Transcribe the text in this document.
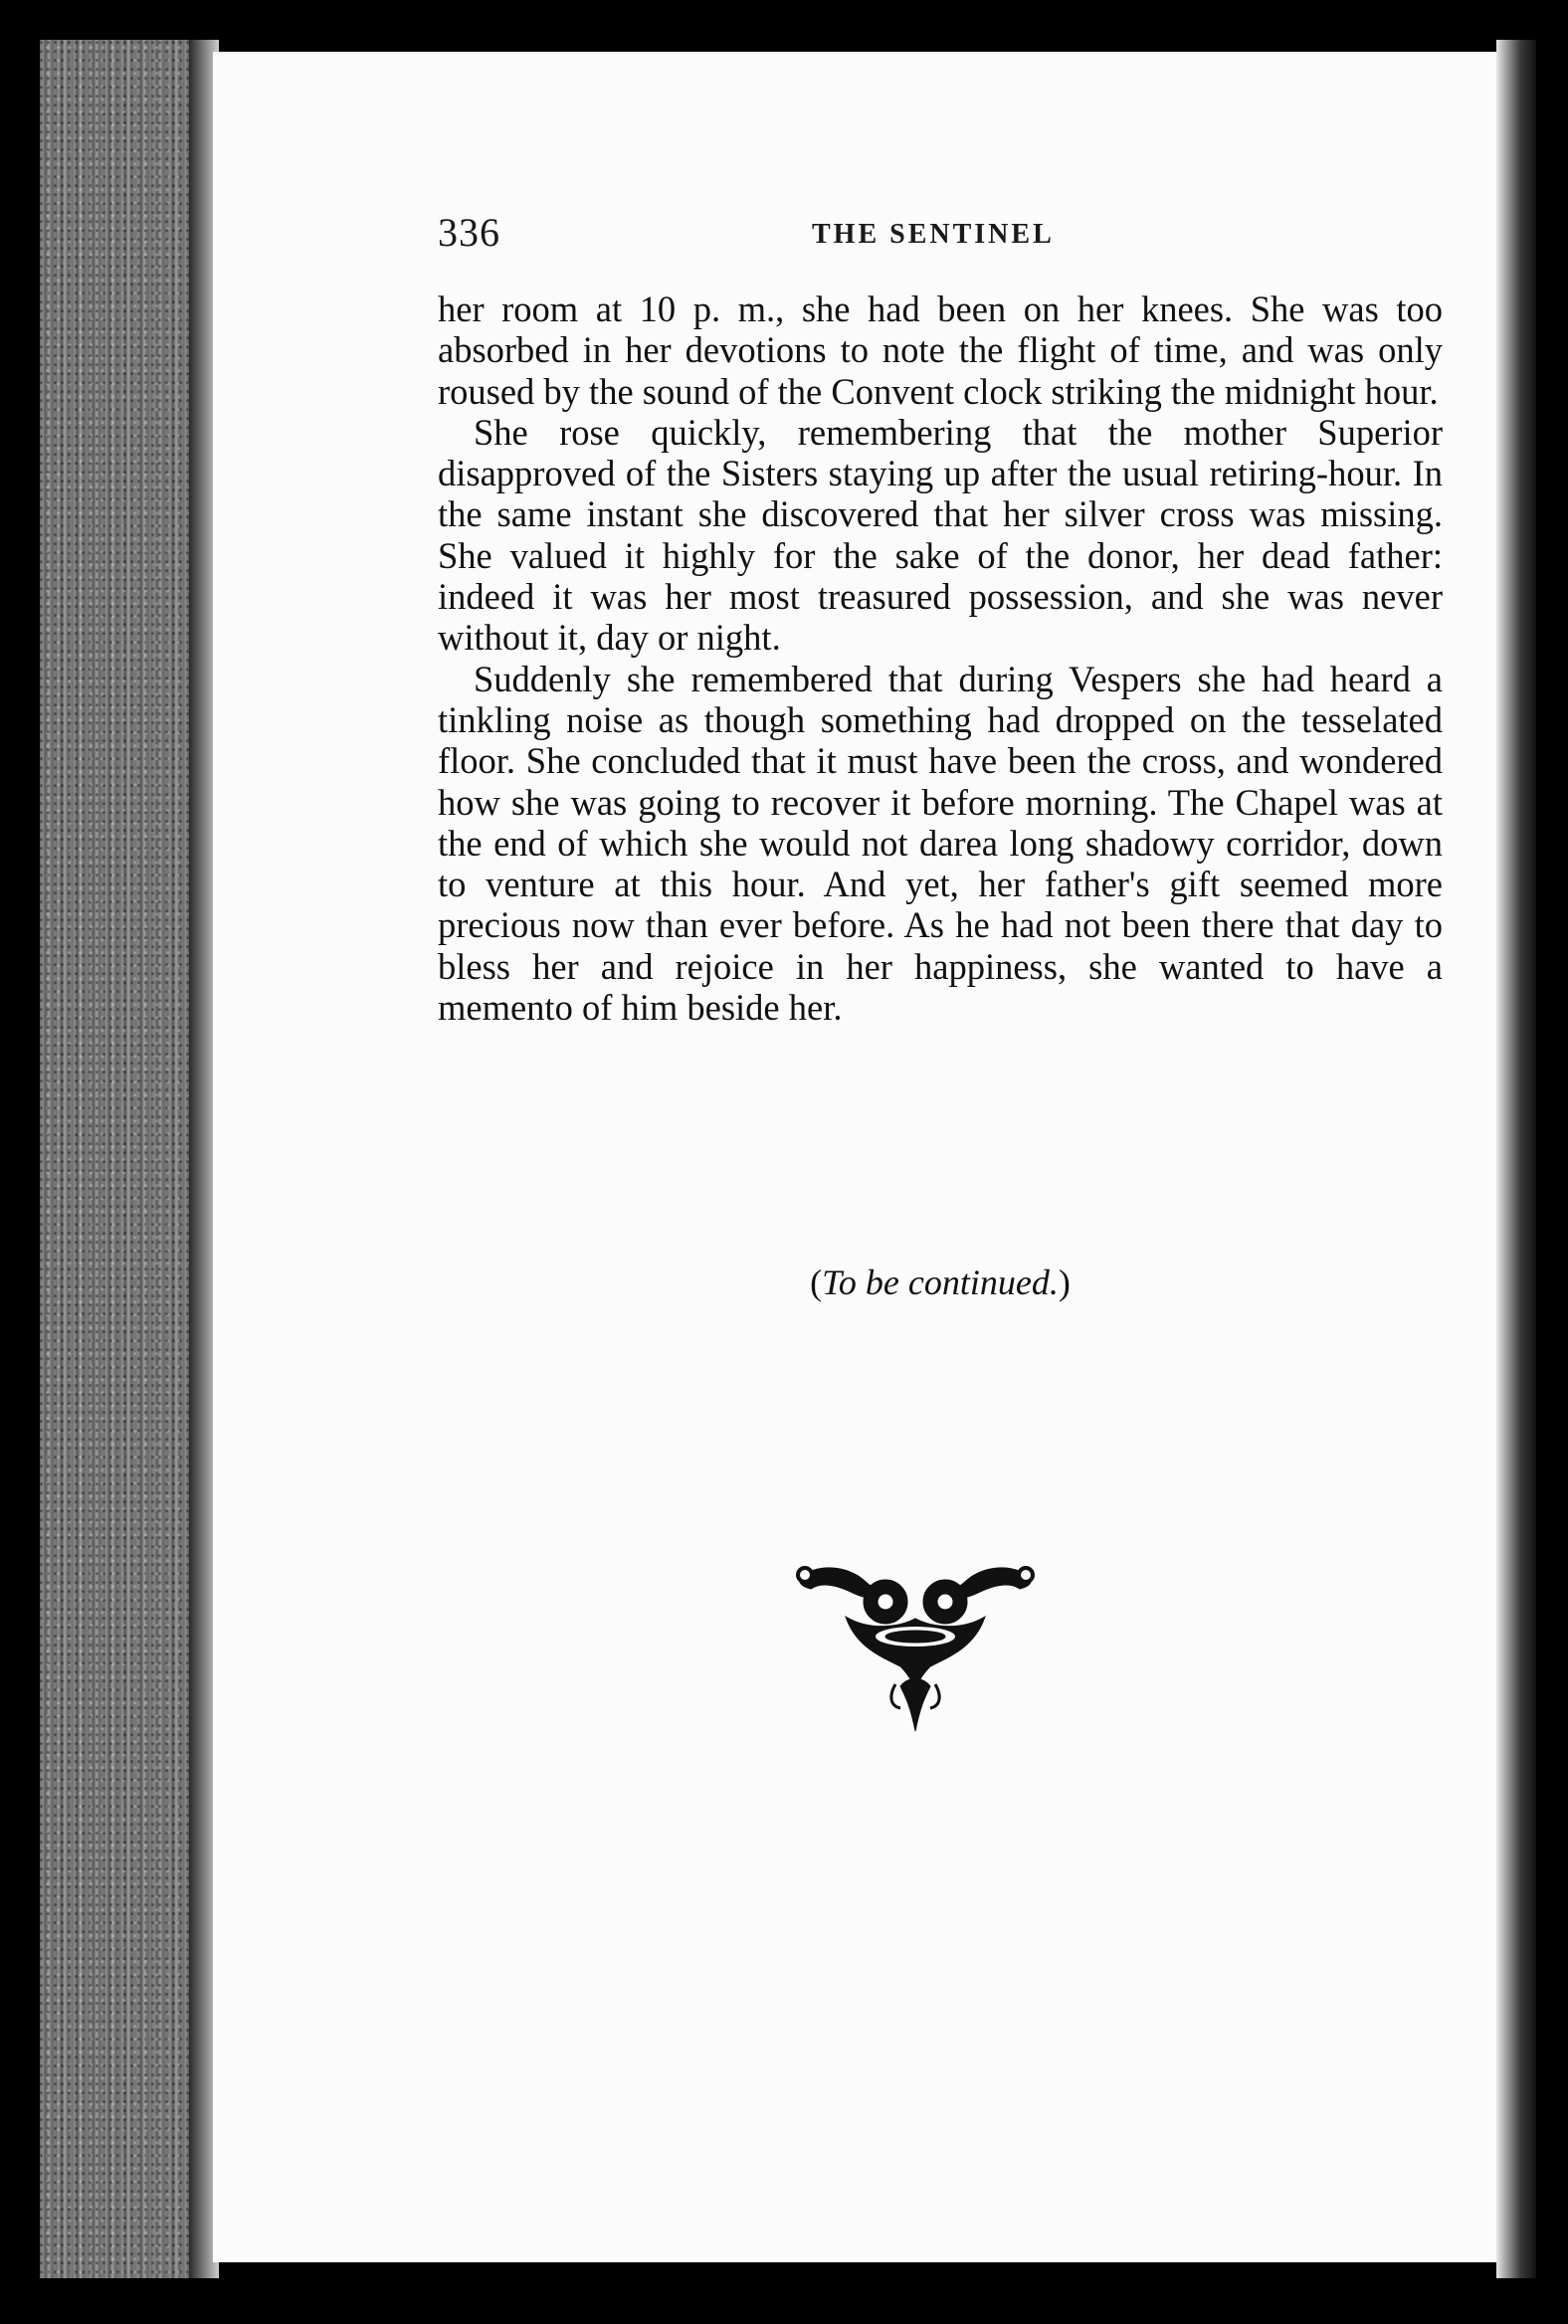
336	THE SENTINEL

her room at 10 p. m., she had been on her knees. She was too absorbed in her devotions to note the flight of time, and was only roused by the sound of the Convent clock striking the midnight hour.

She rose quickly, remembering that the mother Superior disapproved of the Sisters staying up after the usual retiring-hour. In the same instant she discovered that her silver cross was missing. She valued it highly for the sake of the donor, her dead father: indeed it was her most treasured possession, and she was never without it, day or night.

Suddenly she remembered that during Vespers she had heard a tinkling noise as though something had dropped on the tesselated floor. She concluded that it must have been the cross, and wondered how she was going to recover it before morning. The Chapel was at the end of which she would not darea long shadowy corridor, down to venture at this hour. And yet, her father's gift seemed more precious now than ever before. As he had not been there that day to bless her and rejoice in her happiness, she wanted to have a memento of him beside her.

(To be continued.)
